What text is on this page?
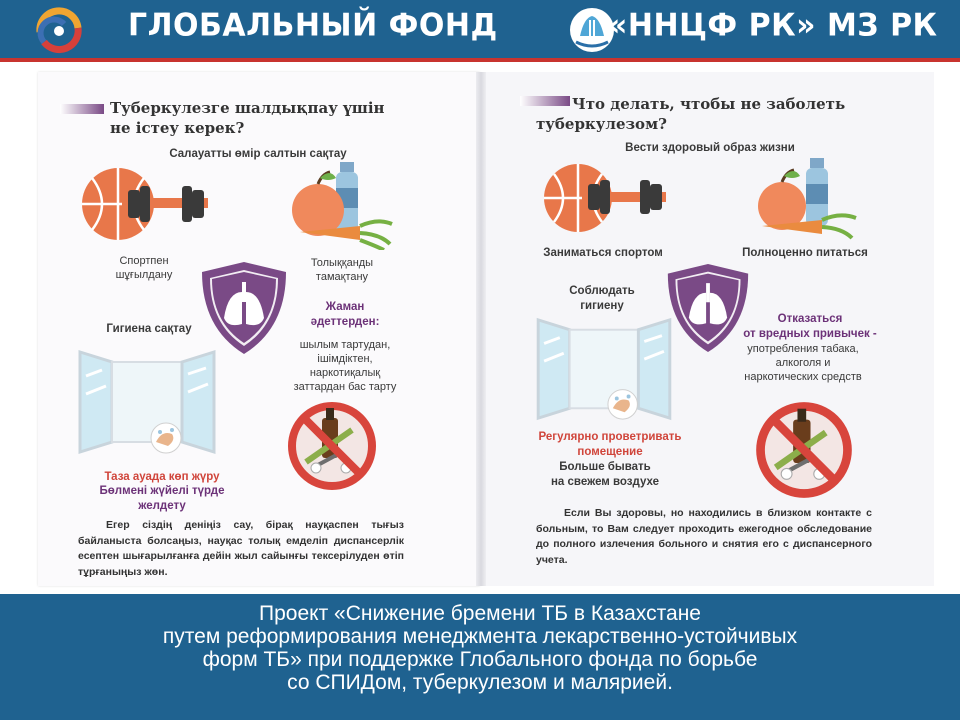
ГЛОБАЛЬНЫЙ ФОНД	«ННЦФ РК» МЗ РК
Туберкулезге шалдықпау үшін не істеу керек?
Салауатты өмір салтын сақтау
Спортпен
шұғылдану
Толыққанды
тамақтану
Жаман
әдеттерден:
шылым тартудан,
ішімдіктен,
наркотиқалық
заттардан бас тарту
Гигиена сақтау
Таза ауада көп жүру
Бөлмені жүйелі түрде
желдету
Егер сіздің деніңіз сау, бірақ науқаспен тығыз байланыста болсаңыз, науқас толық емделіп диспансерлік есептен шығарылғанға дейін жыл сайынғы тексерілуден өтіп тұрғаныңыз жөн.
Что делать, чтобы не заболеть
туберкулезом?
Вести здоровый образ жизни
Заниматься спортом	Полноценно питаться
Соблюдать
гигиену
Отказаться
от вредных привычек -
употребления табака,
алкоголя и
наркотических средств
Регулярно проветривать
помещение
Больше бывать
на свежем воздухе
Если Вы здоровы, но находились в близком контакте с больным, то Вам следует проходить ежегодное обследование до полного излечения больного и снятия его с диспансерного учета.
Проект «Снижение бремени ТБ в Казахстане
путем реформирования менеджмента лекарственно-устойчивых
форм ТБ» при поддержке Глобального фонда по борьбе
со СПИДом, туберкулезом и малярией.
